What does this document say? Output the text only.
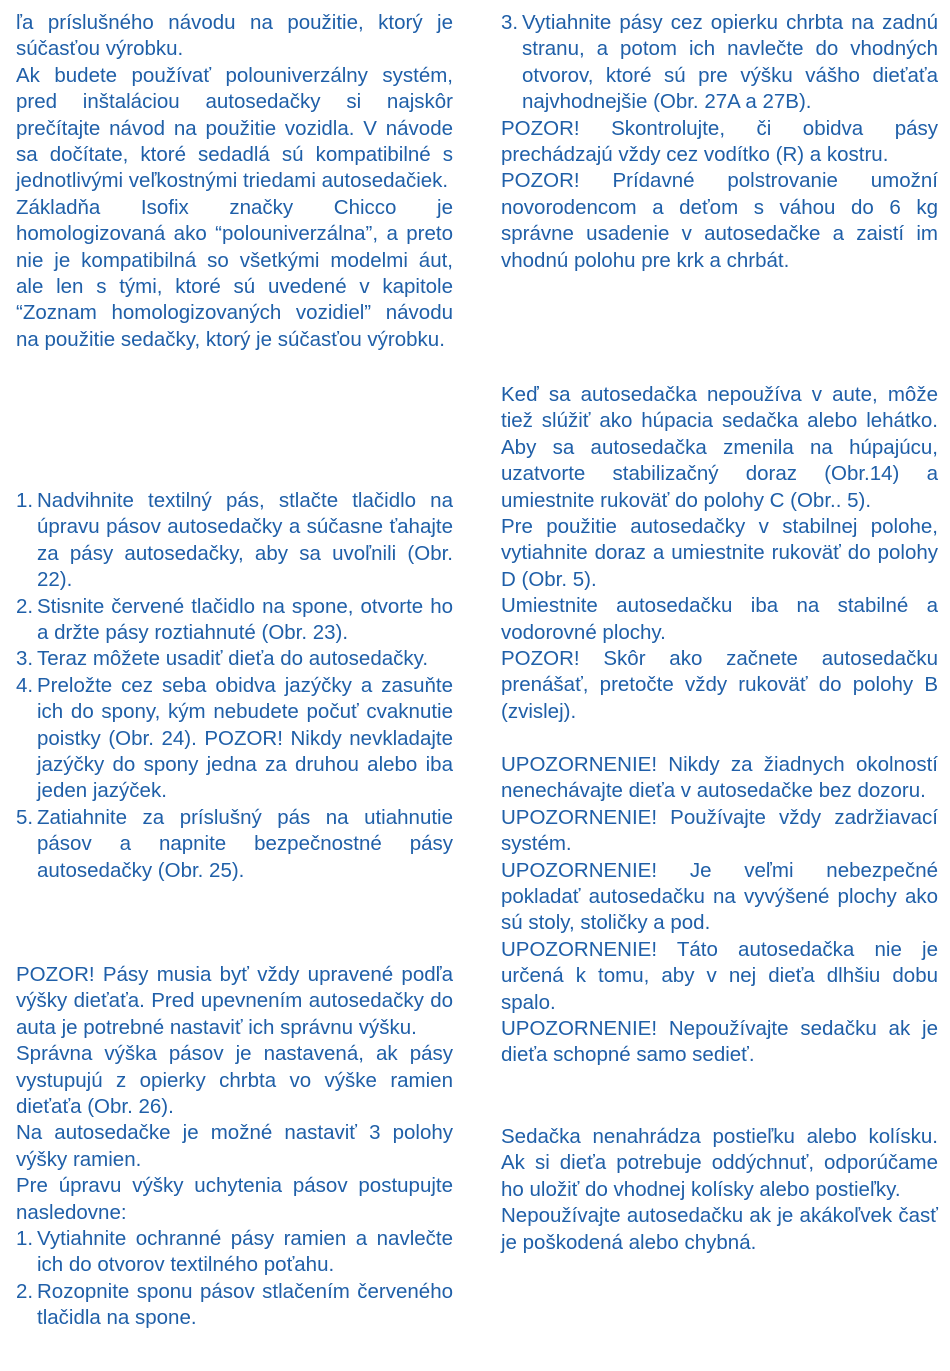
ľa príslušného návodu na použitie, ktorý je súčasťou výrobku.

Ak budete používať polouniverzálny systém, pred inštaláciou autosedačky si najskôr prečítajte návod na použitie vozidla. V návode sa dočítate, ktoré sedadlá sú kompatibilné s jednotlivými veľkostnými triedami autosedačiek.

Základňa Isofix značky Chicco je homologizovaná ako “polouniverzálna”, a preto nie je kompatibilná so všetkými modelmi áut, ale len s tými, ktoré sú uvedené v kapitole “Zoznam homologizovaných vozidiel” návodu na použitie sedačky, ktorý je súčasťou výrobku.

1. Nadvihnite textilný pás, stlačte tlačidlo na úpravu pásov autosedačky a súčasne ťahajte za pásy autosedačky, aby sa uvoľnili (Obr. 22).
2. Stisnite červené tlačidlo na spone, otvorte ho a držte pásy roztiahnuté (Obr. 23).
3. Teraz môžete usadiť dieťa do autosedačky.
4. Preložte cez seba obidva jazýčky a zasuňte ich do spony, kým nebudete počuť cvaknutie poistky (Obr. 24). POZOR! Nikdy nevkladajte jazýčky do spony jedna za druhou alebo iba jeden jazýček.
5. Zatiahnite za príslušný pás na utiahnutie pásov a napnite bezpečnostné pásy autosedačky (Obr. 25).

POZOR! Pásy musia byť vždy upravené podľa výšky dieťaťa. Pred upevnením autosedačky do auta je potrebné nastaviť ich správnu výšku.

Správna výška pásov je nastavená, ak pásy vystupujú z opierky chrbta vo výške ramien dieťaťa (Obr. 26).

Na autosedačke je možné nastaviť 3 polohy výšky ramien.

Pre úpravu výšky uchytenia pásov postupujte nasledovne:

1. Vytiahnite ochranné pásy ramien a navlečte ich do otvorov textilného poťahu.
2. Rozopnite sponu pásov stlačením červeného tlačidla na spone.
3. Vytiahnite pásy cez opierku chrbta na zadnú stranu, a potom ich navlečte do vhodných otvorov, ktoré sú pre výšku vášho dieťaťa najvhodnejšie (Obr. 27A a 27B).

POZOR! Skontrolujte, či obidva pásy prechádzajú vždy cez vodítko (R) a kostru.

POZOR! Prídavné polstrovanie umožní novorodencom a deťom s váhou do 6 kg správne usadenie v autosedačke a zaistí im vhodnú polohu pre krk a chrbát.

Keď sa autosedačka nepoužíva v aute, môže tiež slúžiť ako húpacia sedačka alebo lehátko. Aby sa autosedačka zmenila na húpajúcu, uzatvorte stabilizačný doraz (Obr.14) a umiestnite rukoväť do polohy C (Obr.. 5).

Pre použitie autosedačky v stabilnej polohe, vytiahnite doraz a umiestnite rukoväť do polohy D (Obr. 5).

Umiestnite autosedačku iba na stabilné a vodorovné plochy.

POZOR! Skôr ako začnete autosedačku prenášať, pretočte vždy rukoväť do polohy B (zvislej).

UPOZORNENIE! Nikdy za žiadnych okolností nenechávajte dieťa v autosedačke bez dozoru.

UPOZORNENIE! Používajte vždy zadržiavací systém.

UPOZORNENIE! Je veľmi nebezpečné pokladať autosedačku na vyvýšené plochy ako sú stoly, stoličky a pod.

UPOZORNENIE! Táto autosedačka nie je určená k tomu, aby v nej dieťa dlhšiu dobu spalo.

UPOZORNENIE! Nepoužívajte sedačku ak je dieťa schopné samo sedieť.

Sedačka nenahrádza postieľku alebo kolísku. Ak si dieťa potrebuje oddýchnuť, odporúčame ho uložiť do vhodnej kolísky alebo postieľky.

Nepoužívajte autosedačku ak je akákoľvek časť je poškodená alebo chybná.
